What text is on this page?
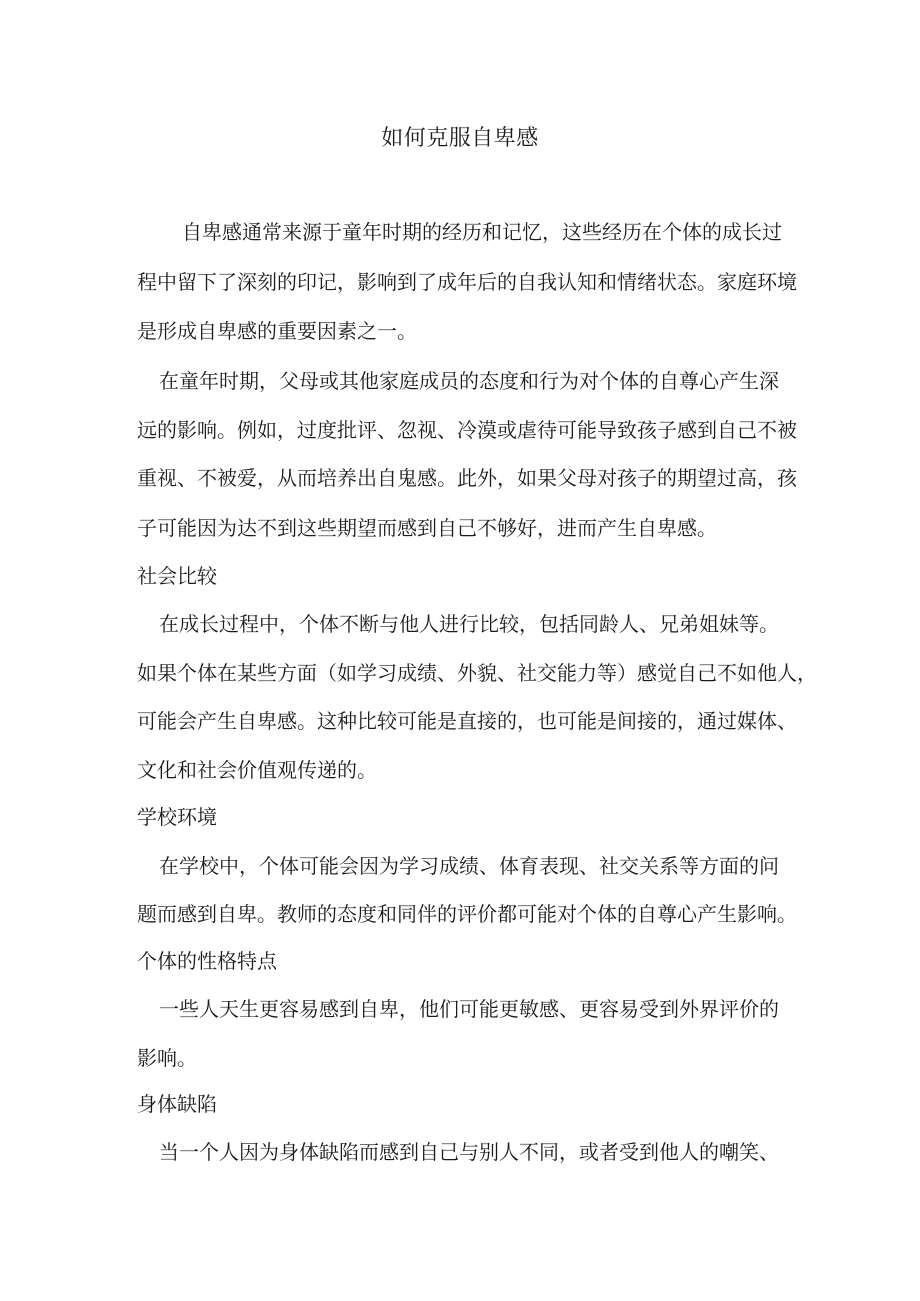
如何克服自卑感
自卑感通常来源于童年时期的经历和记忆，这些经历在个体的成长过
程中留下了深刻的印记，影响到了成年后的自我认知和情绪状态。家庭环境
是形成自卑感的重要因素之一。
在童年时期，父母或其他家庭成员的态度和行为对个体的自尊心产生深
远的影响。例如，过度批评、忽视、冷漠或虐待可能导致孩子感到自己不被
重视、不被爱，从而培养出自鬼感。此外，如果父母对孩子的期望过高，孩
子可能因为达不到这些期望而感到自己不够好，进而产生自卑感。
社会比较
在成长过程中，个体不断与他人进行比较，包括同龄人、兄弟姐妹等。
如果个体在某些方面（如学习成绩、外貌、社交能力等）感觉自己不如他人，
可能会产生自卑感。这种比较可能是直接的，也可能是间接的，通过媒体、
文化和社会价值观传递的。
学校环境
在学校中，个体可能会因为学习成绩、体育表现、社交关系等方面的问
题而感到自卑。教师的态度和同伴的评价都可能对个体的自尊心产生影响。
个体的性格特点
一些人天生更容易感到自卑，他们可能更敏感、更容易受到外界评价的
影响。
身体缺陷
当一个人因为身体缺陷而感到自己与别人不同，或者受到他人的嘲笑、
